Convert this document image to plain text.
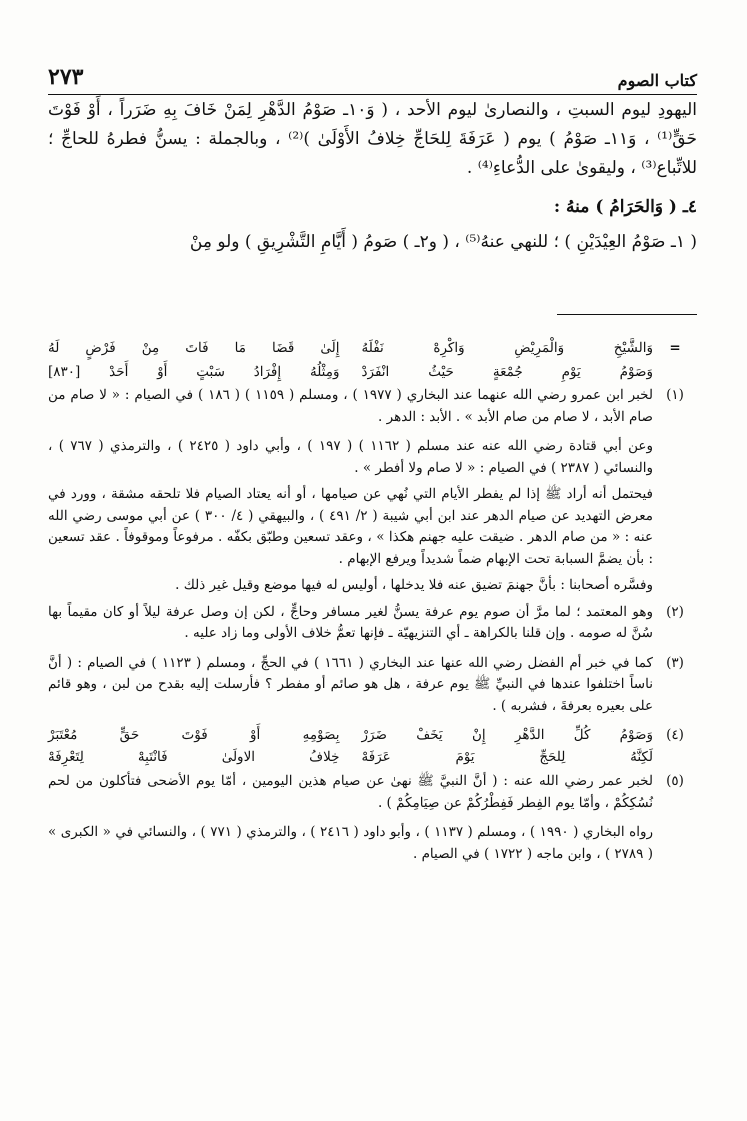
كتاب الصوم
٢٧٣

اليهودِ ليوم السبتِ ، والنصارىٰ ليوم الأحد ، ( وَ١٠ـ صَوْمُ الدَّهْرِ لِمَنْ خَافَ بِهِ ضَرَراً ، أَوْ فَوْتَ حَقٍّ⁽¹⁾ ، وَ١١ـ صَوْمُ ) يوم ( عَرَفَةَ لِلحَاجِّ خِلافُ الأَوْلَىٰ )⁽²⁾ ، وبالجملة : يسنُّ فطرهُ للحاجِّ ؛ للاتِّباع⁽³⁾ ، وليقوىٰ على الدُّعاءِ⁽⁴⁾ .

٤ـ ( وَالحَرَامُ ) منهُ :

( ١ـ صَوْمُ العِيْدَيْنِ ) ؛ للنهي عنهُ⁽⁵⁾ ، ( و٢ـ ) صَومُ ( أَيَّامِ التَّشْرِيقِ ) ولو مِنْ

=
وَالشَّيْخِ وَالْمَرِيْضِ وَاكْرِهْ نَفْلَهُ
إِلَىٰ قَضَا مَا فَاتَ مِنْ فَرْضٍ لَهُ
وَصَوْمُ يَوْمِ جُمْعَةٍ حَيْثُ انْفَرَدْ
وَمِثْلُهُ إِفْرَادُ سَبْتٍ أَوْ أَحَدْ [٨٣٠]
(١)

لخبر ابن عمرو رضي الله عنهما عند البخاري ( ١٩٧٧ ) ، ومسلم ( ١١٥٩ ) ( ١٨٦ ) في الصيام : « لا صام من صام الأبد ، لا صام من صام الأبد » . الأبد : الدهر .

وعن أبي قتادة رضي الله عنه عند مسلم ( ١١٦٢ ) ( ١٩٧ ) ، وأبي داود ( ٢٤٢٥ ) ، والترمذي ( ٧٦٧ ) ، والنسائي ( ٢٣٨٧ ) في الصيام : « لا صام ولا أفطر » .

فيحتمل أنه أراد ﷺ إذا لم يفطر الأيام التي نُهي عن صيامها ، أو أنه يعتاد الصيام فلا تلحقه مشقة ، وورد في معرض التهديد عن صيام الدهر عند ابن أبي شيبة ( ٢/ ٤٩١ ) ، والبيهقي ( ٤/ ٣٠٠ ) عن أبي موسى رضي الله عنه : « من صام الدهر . ضيقت عليه جهنم هكذا » ، وعقد تسعين وطبّق بكفّه . مرفوعاً وموقوفاً . عقد تسعين : بأن يضمَّ السبابة تحت الإبهام ضماً شديداً ويرفع الإبهام .

وفسَّره أصحابنا : بأنَّ جهنمَ تضيق عنه فلا يدخلها ، أوليس له فيها موضع وقيل غير ذلك .

(٢)

وهو المعتمد ؛ لما مرَّ أن صوم يوم عرفة يسنُّ لغير مسافر وحاجٍّ ، لكن إن وصل عرفة ليلاً أو كان مقيماً بها سُنَّ له صومه . وإن قلنا بالكراهة ـ أي التنزيهيّة ـ فإنها تعمُّ خلاف الأولى وما زاد عليه .

(٣)

كما في خبر أم الفضل رضي الله عنها عند البخاري ( ١٦٦١ ) في الحجِّ ، ومسلم ( ١١٢٣ ) في الصيام : ( أنَّ ناساً اختلفوا عندها في النبيِّ ﷺ يوم عرفة ، هل هو صائم أو مفطر ؟ فأرسلت إليه بقدح من لبن ، وهو قائم على بعيره بعرفةَ ، فشربه ) .

(٤)
وَصَوْمُ كُلِّ الدَّهْرِ إِنْ يَخَفْ ضَرَرْ
بِصَوْمِهِ أَوْ فَوْتَ حَقٍّ مُعْتَبَرْ
لَكِنَّهُ لِلحَجِّ يَوْمَ عَرَفَهْ
خِلافُ الاولَىٰ فَانْتَبِهْ لِتَعْرِفَهْ
(٥)

لخبر عمر رضي الله عنه : ( أنَّ النبيَّ ﷺ نهىٰ عن صيام هذين اليومين ، أمّا يوم الأضحى فتأكلون من لحم نُسُكِكُمْ ، وأمّا يوم الفِطر فَفِطْرُكُمْ عن صِيَامِكُمْ ) .

رواه البخاري ( ١٩٩٠ ) ، ومسلم ( ١١٣٧ ) ، وأبو داود ( ٢٤١٦ ) ، والترمذي ( ٧٧١ ) ، والنسائي في « الكبرى » ( ٢٧٨٩ ) ، وابن ماجه ( ١٧٢٢ ) في الصيام .
